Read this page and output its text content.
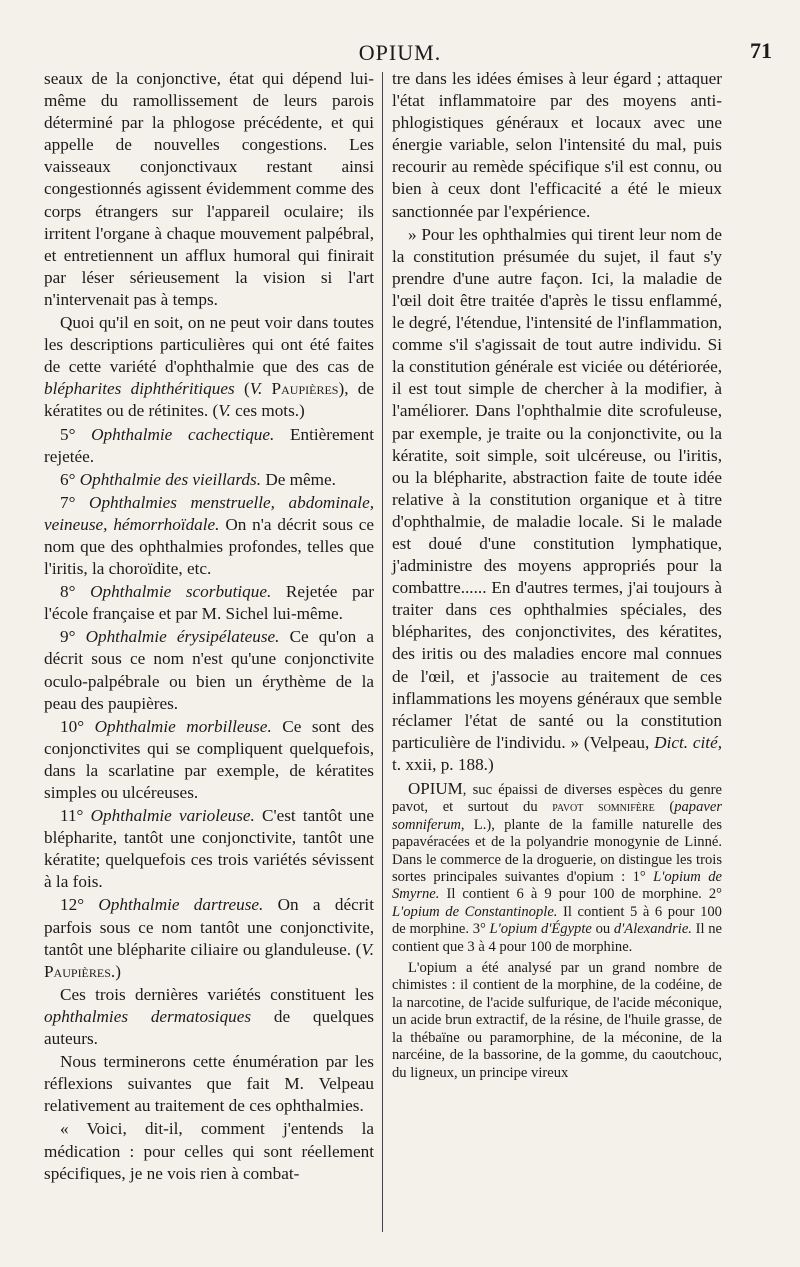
OPIUM.	71

seaux de la conjonctive, état qui dépend lui-même du ramollissement de leurs parois déterminé par la phlogose précédente, et qui appelle de nouvelles congestions. Les vaisseaux conjonctivaux restant ainsi congestionnés agissent évidemment comme des corps étrangers sur l'appareil oculaire; ils irritent l'organe à chaque mouvement palpébral, et entretiennent un afflux humoral qui finirait par léser sérieusement la vision si l'art n'intervenait pas à temps.

Quoi qu'il en soit, on ne peut voir dans toutes les descriptions particulières qui ont été faites de cette variété d'ophthalmie que des cas de blépharites diphthéritiques (V. Paupières), de kératites ou de rétinites. (V. ces mots.)

5° Ophthalmie cachectique. Entièrement rejetée.

6° Ophthalmie des vieillards. De même.

7° Ophthalmies menstruelle, abdominale, veineuse, hémorrhoïdale. On n'a décrit sous ce nom que des ophthalmies profondes, telles que l'iritis, la choroïdite, etc.

8° Ophthalmie scorbutique. Rejetée par l'école française et par M. Sichel lui-même.

9° Ophthalmie érysipélateuse. Ce qu'on a décrit sous ce nom n'est qu'une conjonctivite oculo-palpébrale ou bien un érythème de la peau des paupières.

10° Ophthalmie morbilleuse. Ce sont des conjonctivites qui se compliquent quelquefois, dans la scarlatine par exemple, de kératites simples ou ulcéreuses.

11° Ophthalmie varioleuse. C'est tantôt une blépharite, tantôt une conjonctivite, tantôt une kératite; quelquefois ces trois variétés sévissent à la fois.

12° Ophthalmie dartreuse. On a décrit parfois sous ce nom tantôt une conjonctivite, tantôt une blépharite ciliaire ou glanduleuse. (V. Paupières.)

Ces trois dernières variétés constituent les ophthalmies dermatosiques de quelques auteurs.

Nous terminerons cette énumération par les réflexions suivantes que fait M. Velpeau relativement au traitement de ces ophthalmies.

« Voici, dit-il, comment j'entends la médication : pour celles qui sont réellement spécifiques, je ne vois rien à combat-

tre dans les idées émises à leur égard ; attaquer l'état inflammatoire par des moyens anti-phlogistiques généraux et locaux avec une énergie variable, selon l'intensité du mal, puis recourir au remède spécifique s'il est connu, ou bien à ceux dont l'efficacité a été le mieux sanctionnée par l'expérience.

» Pour les ophthalmies qui tirent leur nom de la constitution présumée du sujet, il faut s'y prendre d'une autre façon. Ici, la maladie de l'œil doit être traitée d'après le tissu enflammé, le degré, l'étendue, l'intensité de l'inflammation, comme s'il s'agissait de tout autre individu. Si la constitution générale est viciée ou détériorée, il est tout simple de chercher à la modifier, à l'améliorer. Dans l'ophthalmie dite scrofuleuse, par exemple, je traite ou la conjonctivite, ou la kératite, soit simple, soit ulcéreuse, ou l'iritis, ou la blépharite, abstraction faite de toute idée relative à la constitution organique et à titre d'ophthalmie, de maladie locale. Si le malade est doué d'une constitution lymphatique, j'administre des moyens appropriés pour la combattre...... En d'autres termes, j'ai toujours à traiter dans ces ophthalmies spéciales, des blépharites, des conjonctivites, des kératites, des iritis ou des maladies encore mal connues de l'œil, et j'associe au traitement de ces inflammations les moyens généraux que semble réclamer l'état de santé ou la constitution particulière de l'individu. » (Velpeau, Dict. cité, t. xxii, p. 188.)

OPIUM, suc épaissi de diverses espèces du genre pavot, et surtout du pavot somnifère (papaver somniferum, L.), plante de la famille naturelle des papavéracées et de la polyandrie monogynie de Linné. Dans le commerce de la droguerie, on distingue les trois sortes principales suivantes d'opium : 1° L'opium de Smyrne. Il contient 6 à 9 pour 100 de morphine. 2° L'opium de Constantinople. Il contient 5 à 6 pour 100 de morphine. 3° L'opium d'Égypte ou d'Alexandrie. Il ne contient que 3 à 4 pour 100 de morphine.

L'opium a été analysé par un grand nombre de chimistes : il contient de la morphine, de la codéine, de la narcotine, de l'acide sulfurique, de l'acide méconique, un acide brun extractif, de la résine, de l'huile grasse, de la thébaïne ou paramorphine, de la méconine, de la narcéine, de la bassorine, de la gomme, du caoutchouc, du ligneux, un principe vireux
